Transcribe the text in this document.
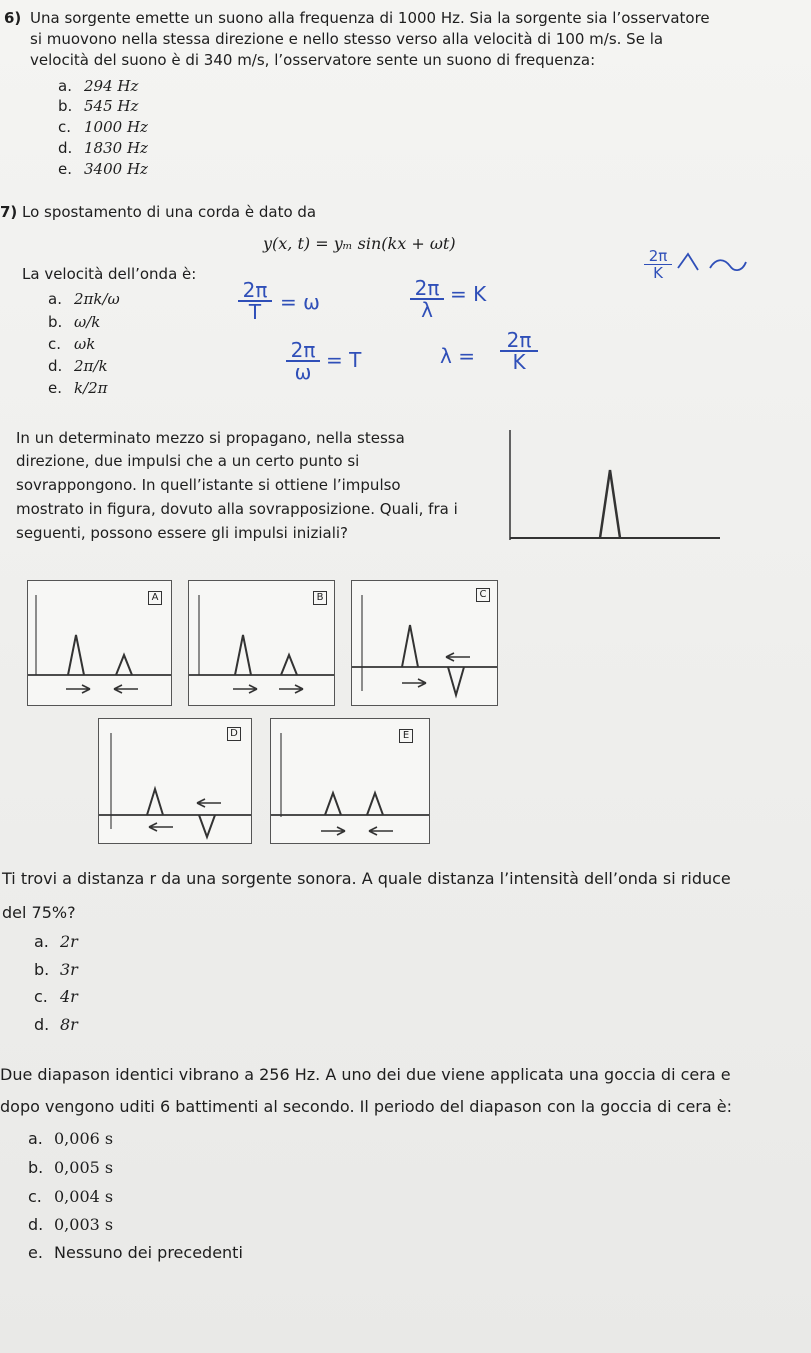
6) Una sorgente emette un suono alla frequenza di 1000 Hz. Sia la sorgente sia l’osservatore
si muovono nella stessa direzione e nello stesso verso alla velocità di 100 m/s. Se la
velocità del suono è di 340 m/s, l’osservatore sente un suono di frequenza:
a. 294 Hz
b. 545 Hz
c. 1000 Hz
d. 1830 Hz
e. 3400 Hz
7) Lo spostamento di una corda è dato da
y(x, t) = yₘ sin(kx + ωt)
La velocità dell’onda è:
a. 2πk/ω
b. ω/k
c. ωk
d. 2π/k
e. k/2π
$\frac{2\pi}{T} = \omega$	$\frac{2\pi}{\lambda} = K$
$\frac{2\pi}{\omega} = T$	$\lambda = \frac{2\pi}{K}$
$\frac{2\pi}{K}$
In un determinato mezzo si propagano, nella stessa
direzione, due impulsi che a un certo punto si
sovrappongono. In quell’istante si ottiene l’impulso
mostrato in figura, dovuto alla sovrapposizione. Quali, fra i
seguenti, possono essere gli impulsi iniziali?
A	B	C
D	E
Ti trovi a distanza r da una sorgente sonora. A quale distanza l’intensità dell’onda si riduce
del 75%?
a. 2r
b. 3r
c. 4r
d. 8r
Due diapason identici vibrano a 256 Hz. A uno dei due viene applicata una goccia di cera e
dopo vengono uditi 6 battimenti al secondo. Il periodo del diapason con la goccia di cera è:
a. 0,006 s
b. 0,005 s
c. 0,004 s
d. 0,003 s
e. Nessuno dei precedenti
